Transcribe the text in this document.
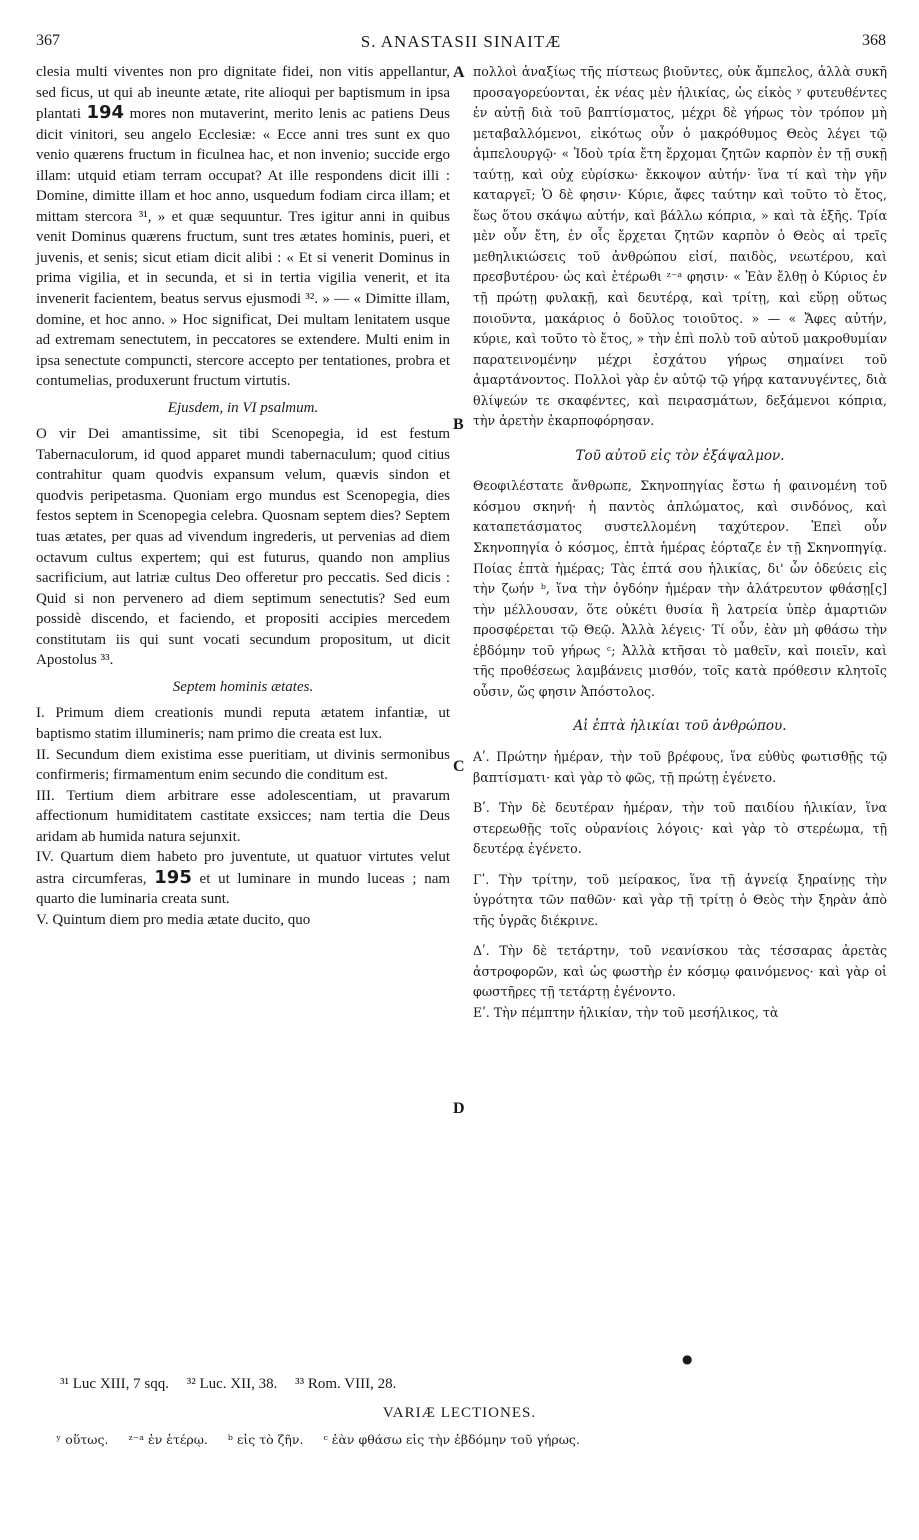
367	S. ANASTASII SINAITÆ	368

clesia multi viventes non pro dignitate fidei, non vitis appellantur, sed ficus, ut qui ab ineunte ætate, rite alioqui per baptismum in ipsa plantati 194 mores non mutaverint, merito lenis ac patiens Deus dicit vinitori, seu angelo Ecclesiæ: « Ecce anni tres sunt ex quo venio quærens fructum in ficulnea hac, et non invenio; succide ergo illam: utquid etiam terram occupat? At ille respondens dicit illi : Domine, dimitte illam et hoc anno, usquedum fodiam circa illam; et mittam stercora ³¹, » et quæ sequuntur. Tres igitur anni in quibus venit Dominus quærens fructum, sunt tres ætates hominis, pueri, et juvenis, et senis; sicut etiam dicit alibi : « Et si venerit Dominus in prima vigilia, et in secunda, et si in tertia vigilia venerit, et ita invenerit facientem, beatus servus ejusmodi ³². » — « Dimitte illam, domine, et hoc anno. » Hoc significat, Dei multam lenitatem usque ad extremam senectutem, in peccatores se extendere. Multi enim in ipsa senectute compuncti, stercore accepto per tentationes, probra et contumelias, produxerunt fructum virtutis.

Ejusdem, in VI psalmum.

O vir Dei amantissime, sit tibi Scenopegia, id est festum Tabernaculorum, id quod apparet mundi tabernaculum; quod citius contrahitur quam quodvis expansum velum, quævis sindon et quodvis peripetasma. Quoniam ergo mundus est Scenopegia, dies festos septem in Scenopegia celebra. Quosnam septem dies? Septem tuas ætates, per quas ad vivendum ingrederis, ut pervenias ad diem octavum cultus expertem; qui est futurus, quando non amplius sacrificium, aut latriæ cultus Deo offeretur pro peccatis. Sed dicis : Quid si non pervenero ad diem septimum senectutis? Sed eum possidè discendo, et faciendo, et propositi accipies mercedem constitutam iis qui sunt vocati secundum propositum, ut dicit Apostolus ³³.

Septem hominis ætates.

I. Primum diem creationis mundi reputa ætatem infantiæ, ut baptismo statim illumineris; nam primo die creata est lux.

II. Secundum diem existima esse pueritiam, ut divinis sermonibus confirmeris; firmamentum enim secundo die conditum est.

III. Tertium diem arbitrare esse adolescentiam, ut pravarum affectionum humiditatem castitate exsicces; nam tertia die Deus aridam ab humida natura sejunxit.

IV. Quartum diem habeto pro juventute, ut quatuor virtutes velut astra circumferas, 195 et ut luminare in mundo luceas ; nam quarto die luminaria creata sunt.

V. Quintum diem pro media ætate ducito, quo

A
B
C
D

πολλοὶ ἀναξίως τῆς πίστεως βιοῦντες, οὐκ ἄμπελος, ἀλλὰ συκῆ προσαγορεύονται, ἐκ νέας μὲν ἡλικίας, ὡς εἰκὸς ʸ φυτευθέντες ἐν αὐτῇ διὰ τοῦ βαπτίσματος, μέχρι δὲ γήρως τὸν τρόπον μὴ μεταβαλλόμενοι, εἰκότως οὖν ὁ μακρόθυμος Θεὸς λέγει τῷ ἀμπελουργῷ· « Ἰδοὺ τρία ἔτη ἔρχομαι ζητῶν καρπὸν ἐν τῇ συκῇ ταύτῃ, καὶ οὐχ εὑρίσκω· ἔκκοψον αὐτήν· ἵνα τί καὶ τὴν γῆν καταργεῖ; Ὁ δὲ φησιν· Κύριε, ἄφες ταύτην καὶ τοῦτο τὸ ἔτος, ἕως ὅτου σκάψω αὐτήν, καὶ βάλλω κόπρια, » καὶ τὰ ἑξῆς. Τρία μὲν οὖν ἔτη, ἐν οἷς ἔρχεται ζητῶν καρπὸν ὁ Θεὸς αἱ τρεῖς μεθηλικιώσεις τοῦ ἀνθρώπου εἰσί, παιδὸς, νεωτέρου, καὶ πρεσβυτέρου· ὡς καὶ ἑτέρωθι ᶻ⁻ᵃ φησιν· « Ἐὰν ἔλθῃ ὁ Κύριος ἐν τῇ πρώτῃ φυλακῇ, καὶ δευτέρᾳ, καὶ τρίτῃ, καὶ εὕρῃ οὕτως ποιοῦντα, μακάριος ὁ δοῦλος τοιοῦτος. » — « Ἄφες αὐτήν, κύριε, καὶ τοῦτο τὸ ἔτος, » τὴν ἐπὶ πολὺ τοῦ αὐτοῦ μακροθυμίαν παρατεινομένην μέχρι ἐσχάτου γήρως σημαίνει τοῦ ἁμαρτάνοντος. Πολλοὶ γὰρ ἐν αὐτῷ τῷ γήρᾳ κατανυγέντες, διὰ θλίψεών τε σκαφέντες, καὶ πειρασμάτων, δεξάμενοι κόπρια, τὴν ἀρετὴν ἐκαρποφόρησαν.

Τοῦ αὐτοῦ εἰς τὸν ἑξάψαλμον.

Θεοφιλέστατε ἄνθρωπε, Σκηνοπηγίας ἔστω ἡ φαινομένη τοῦ κόσμου σκηνή· ἡ παντὸς ἁπλώματος, καὶ σινδόνος, καὶ καταπετάσματος συστελλομένη ταχύτερον. Ἐπεὶ οὖν Σκηνοπηγία ὁ κόσμος, ἑπτὰ ἡμέρας ἑόρταζε ἐν τῇ Σκηνοπηγίᾳ. Ποίας ἑπτὰ ἡμέρας; Τὰς ἑπτά σου ἡλικίας, δι' ὧν ὁδεύεις εἰς τὴν ζωήν ᵇ, ἵνα τὴν ὀγδόην ἡμέραν τὴν ἀλάτρευτον φθάσῃ[ς] τὴν μέλλουσαν, ὅτε οὐκέτι θυσία ἢ λατρεία ὑπὲρ ἁμαρτιῶν προσφέρεται τῷ Θεῷ. Ἀλλὰ λέγεις· Τί οὖν, ἐὰν μὴ φθάσω τὴν ἑβδόμην τοῦ γήρως ᶜ; Ἀλλὰ κτῆσαι τὸ μαθεῖν, καὶ ποιεῖν, καὶ τῆς προθέσεως λαμβάνεις μισθόν, τοῖς κατὰ πρόθεσιν κλητοῖς οὖσιν, ὥς φησιν Ἀπόστολος.

Αἱ ἑπτὰ ἡλικίαι τοῦ ἀνθρώπου.

Αʹ. Πρώτην ἡμέραν, τὴν τοῦ βρέφους, ἵνα εὐθὺς φωτισθῇς τῷ βαπτίσματι· καὶ γὰρ τὸ φῶς, τῇ πρώτῃ ἐγένετο.

Βʹ. Τὴν δὲ δευτέραν ἡμέραν, τὴν τοῦ παιδίου ἡλικίαν, ἵνα στερεωθῇς τοῖς οὐρανίοις λόγοις· καὶ γὰρ τὸ στερέωμα, τῇ δευτέρᾳ ἐγένετο.

Γʹ. Τὴν τρίτην, τοῦ μείρακος, ἵνα τῇ ἁγνείᾳ ξηραίνῃς τὴν ὑγρότητα τῶν παθῶν· καὶ γὰρ τῇ τρίτῃ ὁ Θεὸς τὴν ξηρὰν ἀπὸ τῆς ὑγρᾶς διέκρινε.

Δʹ. Τὴν δὲ τετάρτην, τοῦ νεανίσκου τὰς τέσσαρας ἀρετὰς ἀστροφορῶν, καὶ ὡς φωστὴρ ἐν κόσμῳ φαινόμενος· καὶ γὰρ οἱ φωστῆρες τῇ τετάρτῃ ἐγένοντο.

Εʹ. Τὴν πέμπτην ἡλικίαν, τὴν τοῦ μεσήλικος, τὰ

●
³¹ Luc XIII, 7 sqq. ³² Luc. XII, 38. ³³ Rom. VIII, 28.
VARIÆ LECTIONES.
ʸ οὕτως. ᶻ⁻ᵃ ἐν ἑτέρῳ. ᵇ εἰς τὸ ζῆν. ᶜ ἐὰν φθάσω εἰς τὴν ἑβδόμην τοῦ γήρως.
